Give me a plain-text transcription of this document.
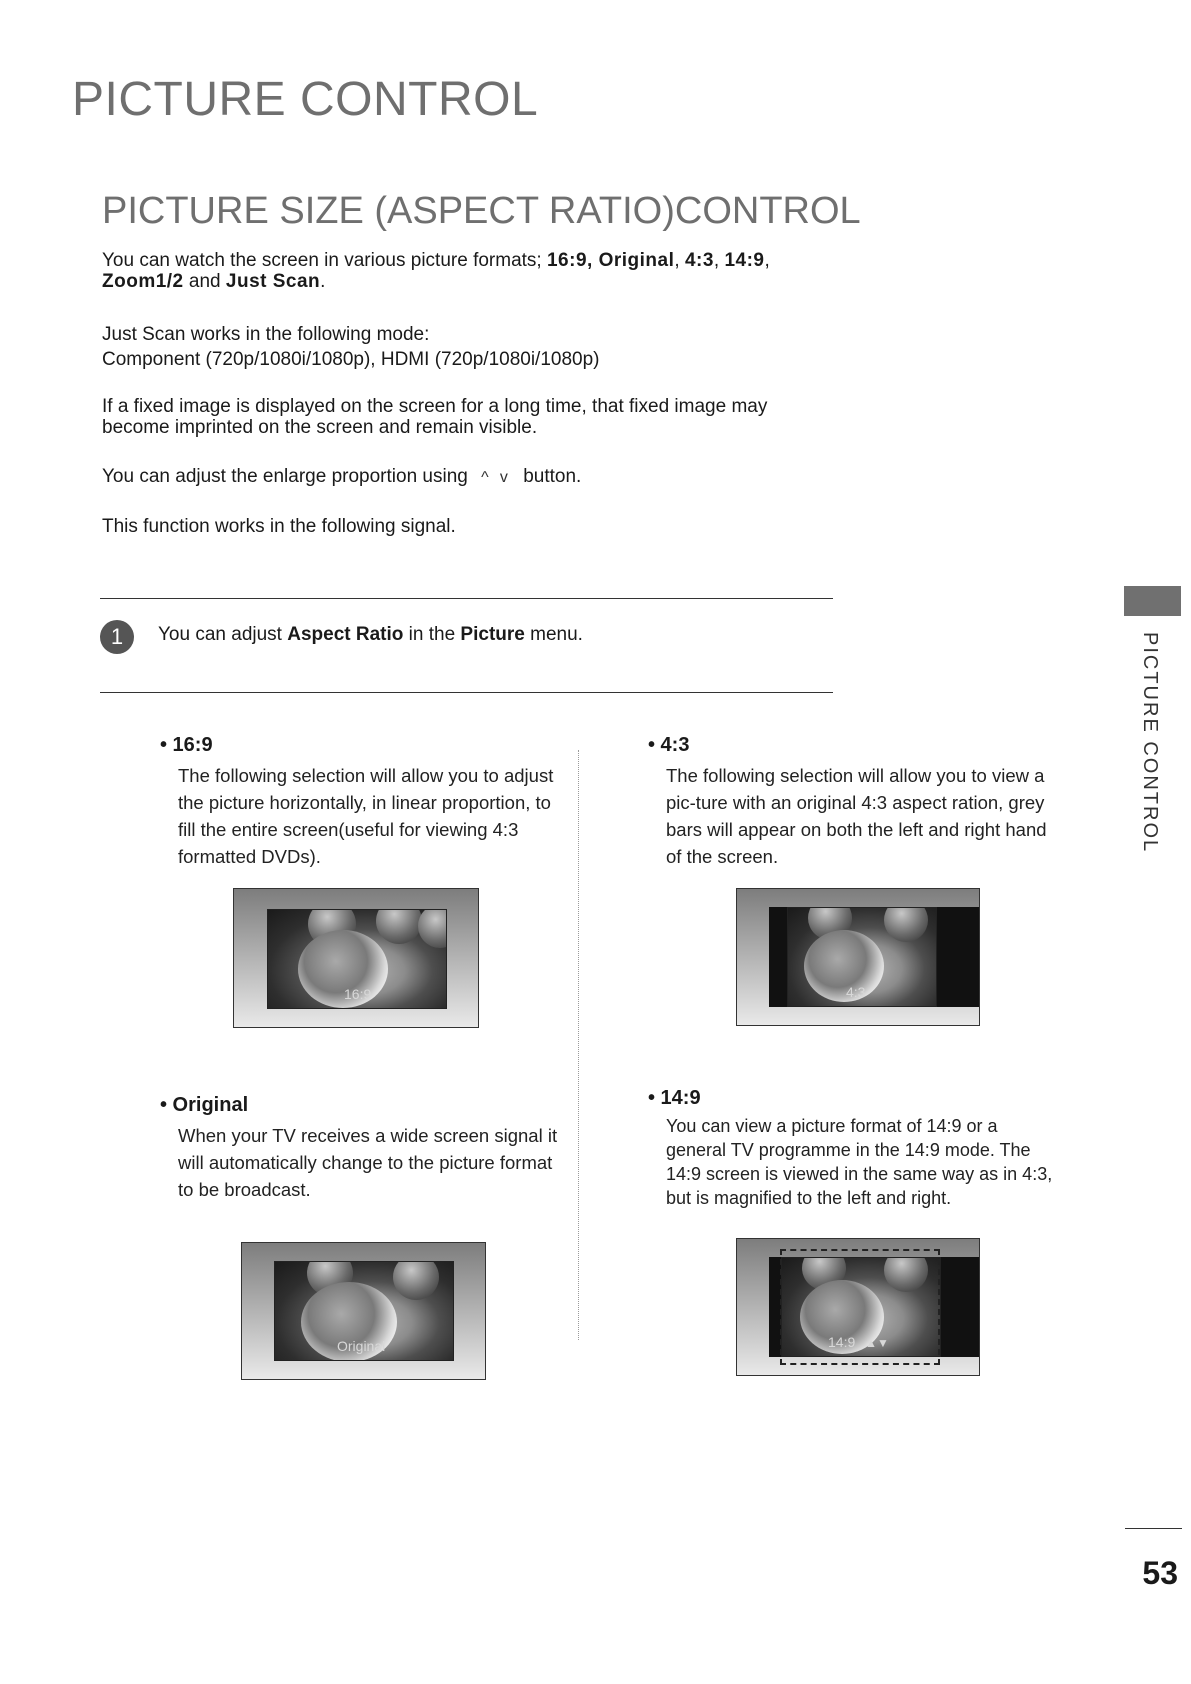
PICTURE CONTROL
PICTURE SIZE (ASPECT RATIO)CONTROL
You can watch the screen in various picture formats; 16:9, Original, 4:3, 14:9,
Zoom1/2 and Just Scan.
Just Scan works in the following mode:
Component (720p/1080i/1080p), HDMI (720p/1080i/1080p)
If a fixed image is displayed on the screen for a long time, that fixed image may become imprinted on the screen and remain visible.
You can adjust the enlarge proportion using ^ v button.
This function works in the following signal.
1	You can adjust Aspect Ratio in the Picture menu.
• 16:9
The following selection will allow you to adjust the picture horizontally, in linear proportion, to fill the entire screen(useful for viewing 4:3 formatted DVDs).
16:9
• 4:3
The following selection will allow you to view a pic-ture with an original 4:3 aspect ration, grey bars will appear on both the left and right hand of the screen.
4:3
• Original
When your TV receives a wide screen signal it will automatically change to the picture format to be broadcast.
Original
• 14:9
You can view a picture format of 14:9 or a general TV programme in the 14:9 mode. The 14:9 screen is viewed in the same way as in 4:3, but is magnified to the left and right.
14:9 ▲▼
PICTURE CONTROL
53
